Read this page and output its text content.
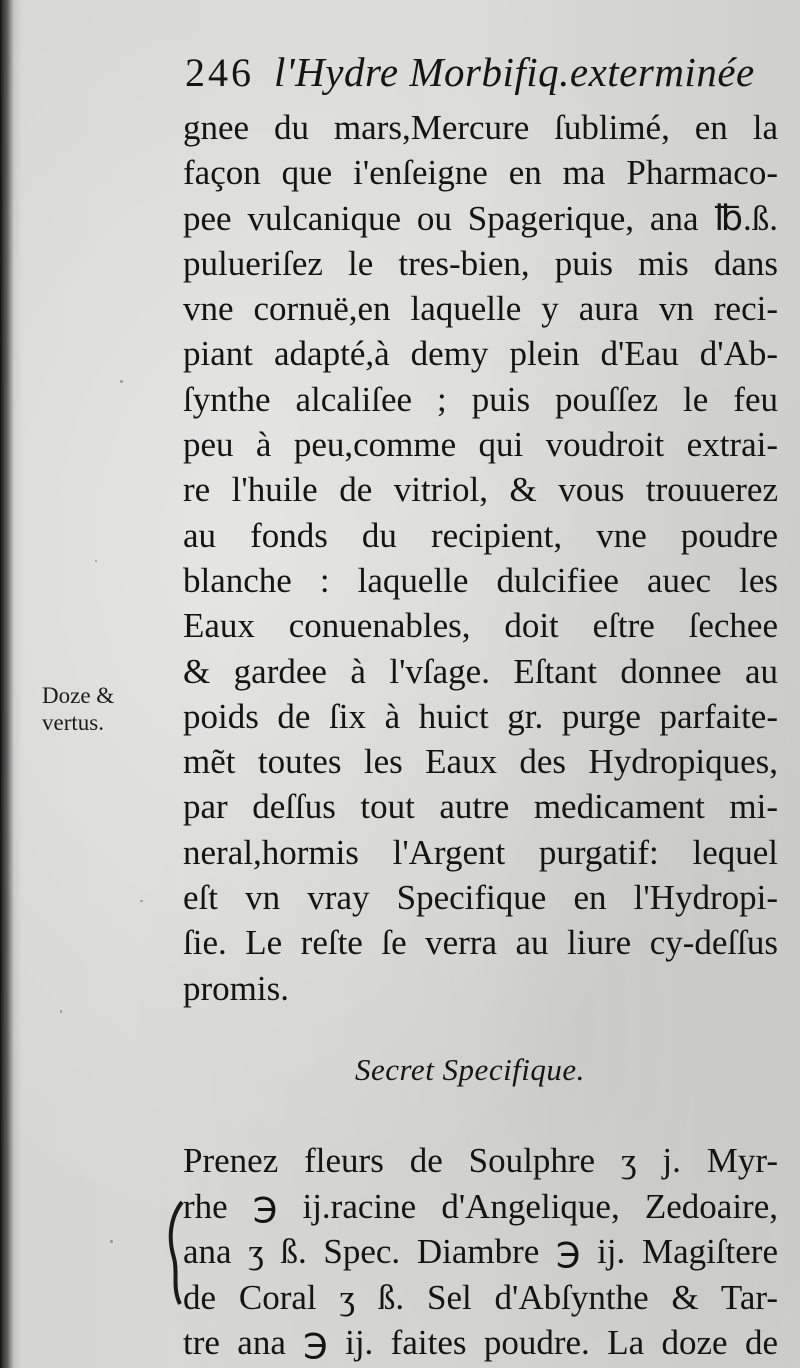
246 l'Hydre Morbifiq.exterminée
gnee du mars,Mercure ſublimé, en la
façon que i'enſeigne en ma Pharmaco-
pee vulcanique ou Spagerique, ana ℔.ß.
pulueriſez le tres-bien, puis mis dans
vne cornuë,en laquelle y aura vn reci-
piant adapté,à demy plein d'Eau d'Ab-
ſynthe alcaliſee ; puis pouſſez le feu
peu à peu,comme qui voudroit extrai-
re l'huile de vitriol, & vous trouuerez
au fonds du recipient, vne poudre
blanche : laquelle dulcifiee auec les
Eaux conuenables, doit eſtre ſechee
& gardee à l'vſage. Eſtant donnee au
poids de ſix à huict gr. purge parfaite-
mẽt toutes les Eaux des Hydropiques,
par deſſus tout autre medicament mi-
neral,hormis l'Argent purgatif: lequel
eſt vn vray Specifique en l'Hydropi-
ſie. Le reſte ſe verra au liure cy-deſſus
promis.
Doze &
vertus.
Secret Specifique.
Prenez fleurs de Soulphre ʒ j. Myr-
rhe ℈ ij.racine d'Angelique, Zedoaire,
ana ʒ ß. Spec. Diambre ℈ ij. Magiſtere
de Coral ʒ ß. Sel d'Abſynthe & Tar-
tre ana ℈ ij. faites poudre. La doze de
